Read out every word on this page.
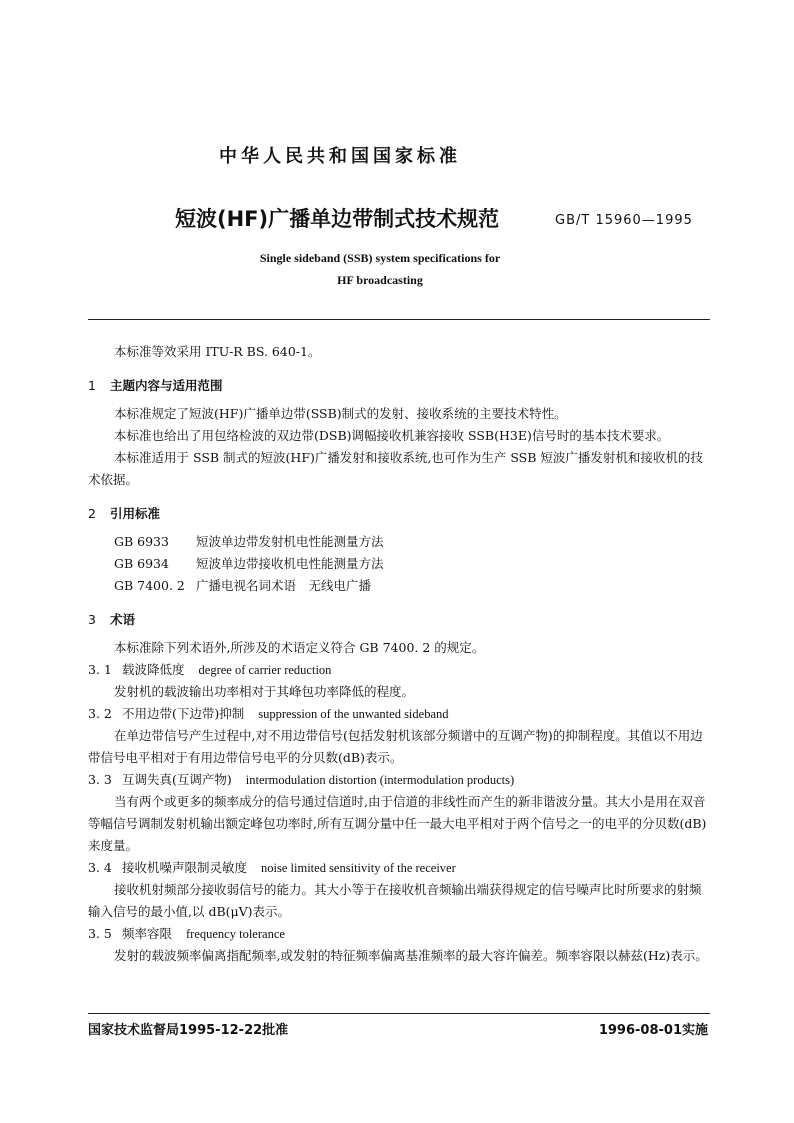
中华人民共和国国家标准
短波(HF)广播单边带制式技术规范	GB/T 15960—1995
Single sideband (SSB) system specifications for
HF broadcasting

本标准等效采用 ITU-R BS. 640-1。

1 主题内容与适用范围

本标准规定了短波(HF)广播单边带(SSB)制式的发射、接收系统的主要技术特性。

本标准也给出了用包络检波的双边带(DSB)调幅接收机兼容接收 SSB(H3E)信号时的基本技术要求。

本标准适用于 SSB 制式的短波(HF)广播发射和接收系统,也可作为生产 SSB 短波广播发射机和接收机的技术依据。

2 引用标准

GB 6933 短波单边带发射机电性能测量方法

GB 6934 短波单边带接收机电性能测量方法

GB 7400. 2 广播电视名词术语　无线电广播

3 术语

本标准除下列术语外,所涉及的术语定义符合 GB 7400. 2 的规定。

3. 1 载波降低度 degree of carrier reduction

发射机的载波输出功率相对于其峰包功率降低的程度。

3. 2 不用边带(下边带)抑制 suppression of the unwanted sideband

在单边带信号产生过程中,对不用边带信号(包括发射机该部分频谱中的互调产物)的抑制程度。其值以不用边带信号电平相对于有用边带信号电平的分贝数(dB)表示。

3. 3 互调失真(互调产物) intermodulation distortion (intermodulation products)

当有两个或更多的频率成分的信号通过信道时,由于信道的非线性而产生的新非谐波分量。其大小是用在双音等幅信号调制发射机输出额定峰包功率时,所有互调分量中任一最大电平相对于两个信号之一的电平的分贝数(dB)来度量。

3. 4 接收机噪声限制灵敏度 noise limited sensitivity of the receiver

接收机射频部分接收弱信号的能力。其大小等于在接收机音频输出端获得规定的信号噪声比时所要求的射频输入信号的最小值,以 dB(μV)表示。

3. 5 频率容限 frequency tolerance

发射的载波频率偏离指配频率,或发射的特征频率偏离基准频率的最大容许偏差。频率容限以赫兹(Hz)表示。

国家技术监督局1995-12-22批准	1996-08-01实施
